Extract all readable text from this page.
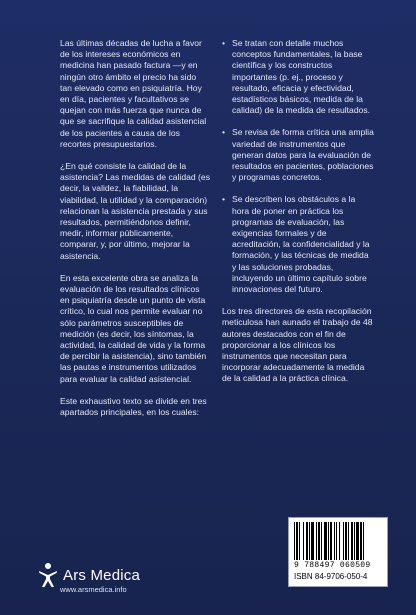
Las últimas décadas de lucha a favor de los intereses económicos en medicina han pasado factura —y en ningún otro ámbito el precio ha sido tan elevado como en psiquiatría. Hoy en día, pacientes y facultativos se quejan con más fuerza que nunca de que se sacrifique la calidad asistencial de los pacientes a causa de los recortes presupuestarios.

¿En qué consiste la calidad de la asistencia? Las medidas de calidad (es decir, la validez, la fiabilidad, la viabilidad, la utilidad y la comparación) relacionan la asistencia prestada y sus resultados, permitiéndonos definir, medir, informar públicamente, comparar, y, por último, mejorar la asistencia.

En esta excelente obra se analiza la evaluación de los resultados clínicos en psiquiatría desde un punto de vista crítico, lo cual nos permite evaluar no sólo parámetros susceptibles de medición (es decir, los síntomas, la actividad, la calidad de vida y la forma de percibir la asistencia), sino también las pautas e instrumentos utilizados para evaluar la calidad asistencial.

Este exhaustivo texto se divide en tres apartados principales, en los cuales:

• Se tratan con detalle muchos conceptos fundamentales, la base científica y los constructos importantes (p. ej., proceso y resultado, eficacia y efectividad, estadísticos básicos, medida de la calidad) de la medida de resultados.
• Se revisa de forma crítica una amplia variedad de instrumentos que generan datos para la evaluación de resultados en pacientes, poblaciones y programas concretos.
• Se describen los obstáculos a la hora de poner en práctica los programas de evaluación, las exigencias formales y de acreditación, la confidencialidad y la formación, y las técnicas de medida y las soluciones probadas, incluyendo un último capítulo sobre innovaciones del futuro.

Los tres directores de esta recopilación meticulosa han aunado el trabajo de 48 autores destacados con el fin de proporcionar a los clínicos los instrumentos que necesitan para incorporar adecuadamente la medida de la calidad a la práctica clínica.

9 788497 060509
ISBN 84-9706-050-4
Ars Medica
www.arsmedica.info
